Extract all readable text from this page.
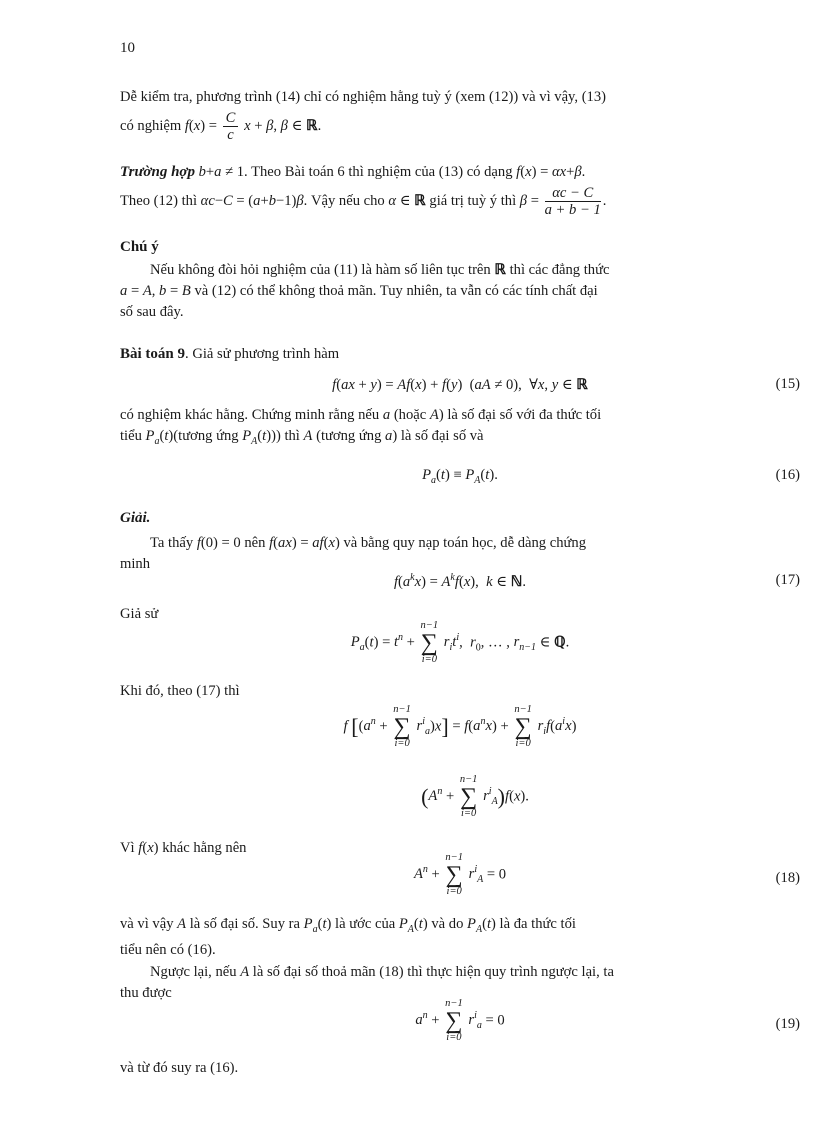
10
Dễ kiểm tra, phương trình (14) chỉ có nghiệm hằng tuỳ ý (xem (12)) và vì vậy, (13)
có nghiệm $f(x) = \frac{C}{c}$ x + β, β ∈ ℝ.
Trường hợp b+a ≠ 1. Theo Bài toán 6 thì nghiệm của (13) có dạng f(x) = αx+β.
Theo (12) thì αc−C = (a+b−1)β. Vậy nếu cho α ∈ ℝ giá trị tuỳ ý thì $\beta = \frac{\alpha c - C}{a + b - 1}$ .
Chú ý
Nếu không đòi hỏi nghiệm của (11) là hàm số liên tục trên ℝ thì các đẳng thức
a = A, b = B và (12) có thể không thoả mãn. Tuy nhiên, ta vẫn có các tính chất đại
số sau đây.
Bài toán 9. Giả sử phương trình hàm
f(ax + y) = Af(x) + f(y)  (aA ≠ 0),  ∀x, y ∈ ℝ	(15)
có nghiệm khác hằng. Chứng minh rằng nếu a (hoặc A) là số đại số với đa thức tối
tiểu $P_a(t)(tương$ ứng $P_A(t)$)) thì A (tương ứng a) là số đại số và
$P_a(t) \equiv P_A(t)$.	(16)
Giải.
Ta thấy f(0) = 0 nên f(ax) = af(x) và bằng quy nạp toán học, dễ dàng chứng
minh
$f(a^kx) = A^kf(x)$,  k ∈ ℕ.	(17)
Giả sử
$P_a(t) = t^n$ +
n−1
∑
i=0
$r_it^i$,  $r_0$, … , $r_{n-1}$ ∈ ℚ.
Khi đó, theo (17) thì
f [($a^n$ +
n−1
∑
i=0
$r^i_a)x] = f(a^nx)$ +
n−1
∑
i=0
$r_if(a^ix)$
($A^n$ +
n−1
∑
i=0
$r^i_A)f(x)$.
Vì f(x) khác hằng nên
$A^n$ +
n−1
∑
i=0
$r^i_A = 0$	(18)
và vì vậy A là số đại số. Suy ra $P_a(t)$ là ước của $P_A(t)$ và do $P_A(t)$ là đa thức tối
tiểu nên có (16).
Ngược lại, nếu A là số đại số thoả mãn (18) thì thực hiện quy trình ngược lại, ta
thu được
$a^n$ +
n−1
∑
i=0
$r^i_a = 0$	(19)
và từ đó suy ra (16).
